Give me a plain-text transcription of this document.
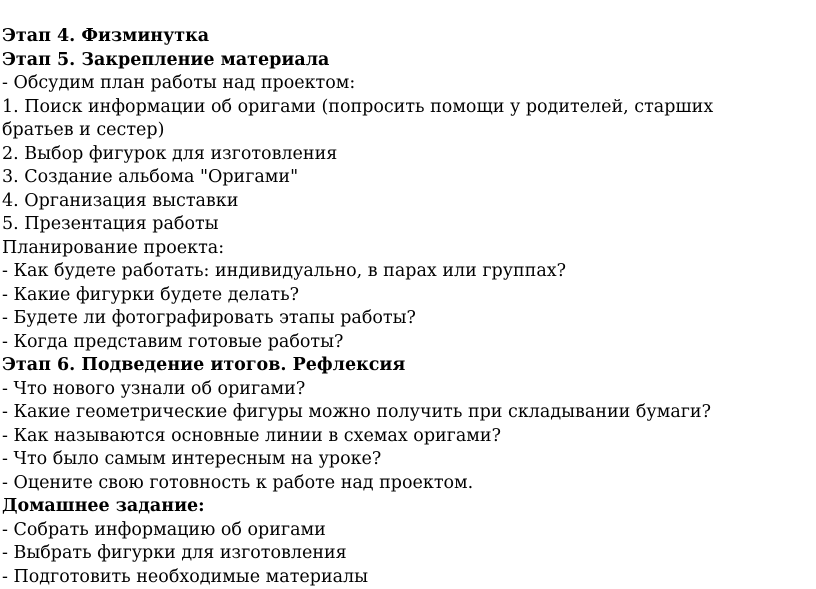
Этап 4. Физминутка
Этап 5. Закрепление материала
- Обсудим план работы над проектом:
1. Поиск информации об оригами (попросить помощи у родителей, старших
братьев и сестер)
2. Выбор фигурок для изготовления
3. Создание альбома "Оригами"
4. Организация выставки
5. Презентация работы
Планирование проекта:
- Как будете работать: индивидуально, в парах или группах?
- Какие фигурки будете делать?
- Будете ли фотографировать этапы работы?
- Когда представим готовые работы?
Этап 6. Подведение итогов. Рефлексия
- Что нового узнали об оригами?
- Какие геометрические фигуры можно получить при складывании бумаги?
- Как называются основные линии в схемах оригами?
- Что было самым интересным на уроке?
- Оцените свою готовность к работе над проектом.
Домашнее задание:
- Собрать информацию об оригами
- Выбрать фигурки для изготовления
- Подготовить необходимые материалы
